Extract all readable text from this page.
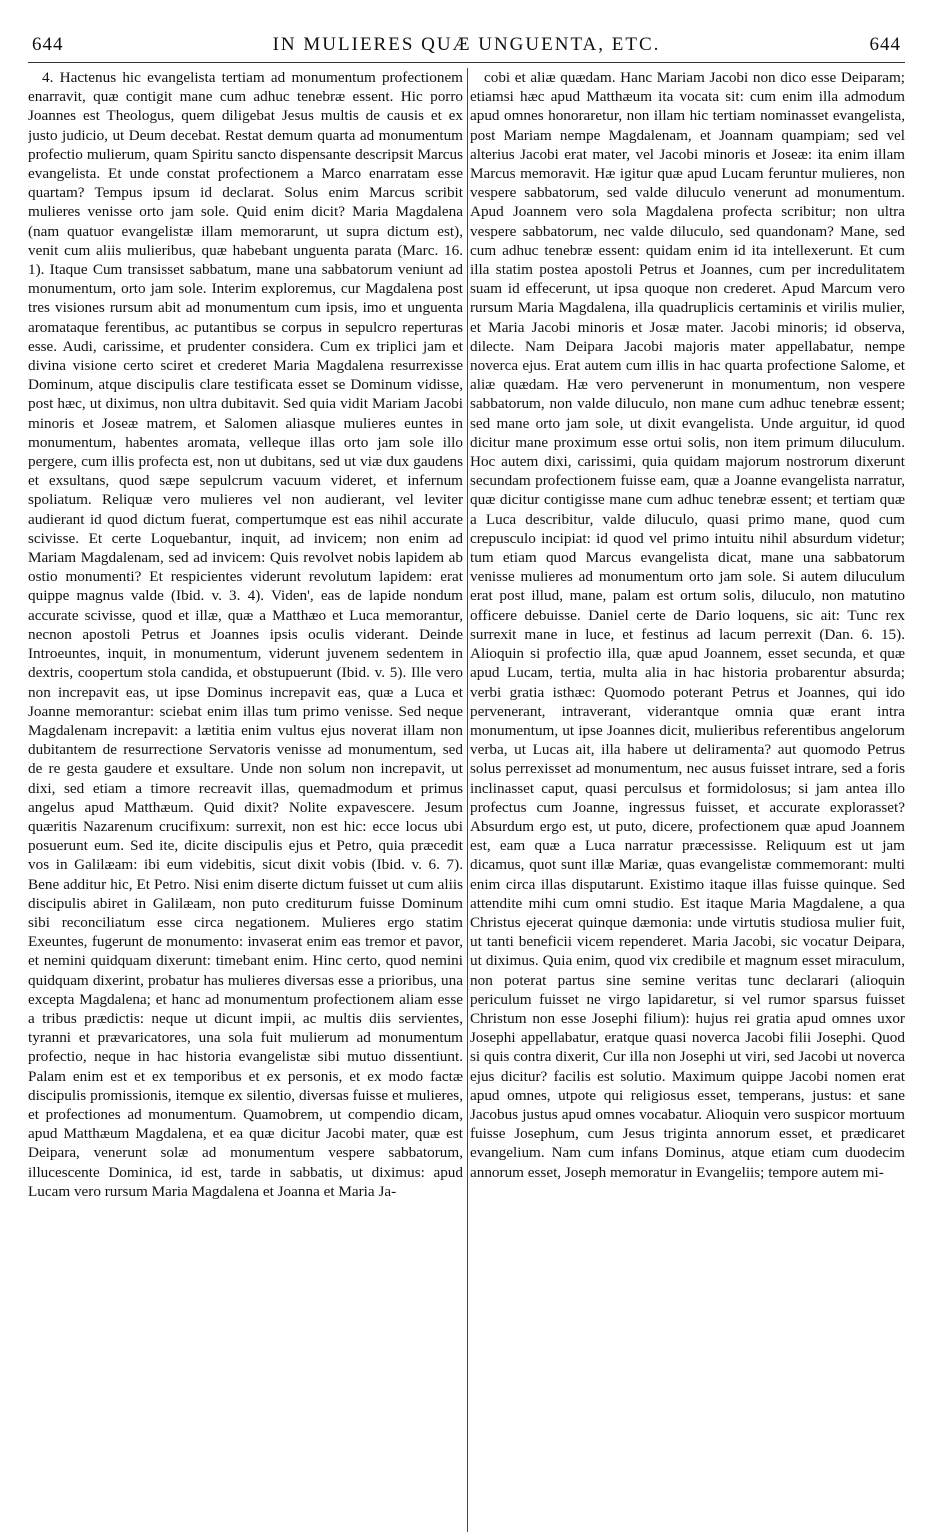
644	IN MULIERES QUÆ UNGUENTA, ETC.	644

4. Hactenus hic evangelista tertiam ad monumentum profectionem enarravit, quæ contigit mane cum adhuc tenebræ essent. Hic porro Joannes est Theologus, quem diligebat Jesus multis de causis et ex justo judicio, ut Deum decebat. Restat demum quarta ad monumentum profectio mulierum, quam Spiritu sancto dispensante descripsit Marcus evangelista. Et unde constat profectionem a Marco enarratam esse quartam? Tempus ipsum id declarat. Solus enim Marcus scribit mulieres venisse orto jam sole. Quid enim dicit? Maria Magdalena (nam quatuor evangelistæ illam memorarunt, ut supra dictum est), venit cum aliis mulieribus, quæ habebant unguenta parata (Marc. 16. 1). Itaque Cum transisset sabbatum, mane una sabbatorum veniunt ad monumentum, orto jam sole. Interim exploremus, cur Magdalena post tres visiones rursum abit ad monumentum cum ipsis, imo et unguenta aromataque ferentibus, ac putantibus se corpus in sepulcro reperturas esse. Audi, carissime, et prudenter considera. Cum ex triplici jam et divina visione certo sciret et crederet Maria Magdalena resurrexisse Dominum, atque discipulis clare testificata esset se Dominum vidisse, post hæc, ut diximus, non ultra dubitavit. Sed quia vidit Mariam Jacobi minoris et Joseæ matrem, et Salomen aliasque mulieres euntes in monumentum, habentes aromata, velleque illas orto jam sole illo pergere, cum illis profecta est, non ut dubitans, sed ut viæ dux gaudens et exsultans, quod sæpe sepulcrum vacuum videret, et infernum spoliatum. Reliquæ vero mulieres vel non audierant, vel leviter audierant id quod dictum fuerat, compertumque est eas nihil accurate scivisse. Et certe Loquebantur, inquit, ad invicem; non enim ad Mariam Magdalenam, sed ad invicem: Quis revolvet nobis lapidem ab ostio monumenti? Et respicientes viderunt revolutum lapidem: erat quippe magnus valde (Ibid. v. 3. 4). Viden', eas de lapide nondum accurate scivisse, quod et illæ, quæ a Matthæo et Luca memorantur, necnon apostoli Petrus et Joannes ipsis oculis viderant. Deinde Introeuntes, inquit, in monumentum, viderunt juvenem sedentem in dextris, coopertum stola candida, et obstupuerunt (Ibid. v. 5). Ille vero non increpavit eas, ut ipse Dominus increpavit eas, quæ a Luca et Joanne memorantur: sciebat enim illas tum primo venisse. Sed neque Magdalenam increpavit: a lætitia enim vultus ejus noverat illam non dubitantem de resurrectione Servatoris venisse ad monumentum, sed de re gesta gaudere et exsultare. Unde non solum non increpavit, ut dixi, sed etiam a timore recreavit illas, quemadmodum et primus angelus apud Matthæum. Quid dixit? Nolite expavescere. Jesum quæritis Nazarenum crucifixum: surrexit, non est hic: ecce locus ubi posuerunt eum. Sed ite, dicite discipulis ejus et Petro, quia præcedit vos in Galilæam: ibi eum videbitis, sicut dixit vobis (Ibid. v. 6. 7). Bene additur hic, Et Petro. Nisi enim diserte dictum fuisset ut cum aliis discipulis abiret in Galilæam, non puto crediturum fuisse Dominum sibi reconciliatum esse circa negationem. Mulieres ergo statim Exeuntes, fugerunt de monumento: invaserat enim eas tremor et pavor, et nemini quidquam dixerunt: timebant enim. Hinc certo, quod nemini quidquam dixerint, probatur has mulieres diversas esse a prioribus, una excepta Magdalena; et hanc ad monumentum profectionem aliam esse a tribus prædictis: neque ut dicunt impii, ac multis diis servientes, tyranni et prævaricatores, una sola fuit mulierum ad monumentum profectio, neque in hac historia evangelistæ sibi mutuo dissentiunt. Palam enim est et ex temporibus et ex personis, et ex modo factæ discipulis promissionis, itemque ex silentio, diversas fuisse et mulieres, et profectiones ad monumentum. Quamobrem, ut compendio dicam, apud Matthæum Magdalena, et ea quæ dicitur Jacobi mater, quæ est Deipara, venerunt solæ ad monumentum vespere sabbatorum, illucescente Dominica, id est, tarde in sabbatis, ut diximus: apud Lucam vero rursum Maria Magdalena et Joanna et Maria Ja-

cobi et aliæ quædam. Hanc Mariam Jacobi non dico esse Deiparam; etiamsi hæc apud Matthæum ita vocata sit: cum enim illa admodum apud omnes honoraretur, non illam hic tertiam nominasset evangelista, post Mariam nempe Magdalenam, et Joannam quampiam; sed vel alterius Jacobi erat mater, vel Jacobi minoris et Joseæ: ita enim illam Marcus memoravit. Hæ igitur quæ apud Lucam feruntur mulieres, non vespere sabbatorum, sed valde diluculo venerunt ad monumentum. Apud Joannem vero sola Magdalena profecta scribitur; non ultra vespere sabbatorum, nec valde diluculo, sed quandonam? Mane, sed cum adhuc tenebræ essent: quidam enim id ita intellexerunt. Et cum illa statim postea apostoli Petrus et Joannes, cum per incredulitatem suam id effecerunt, ut ipsa quoque non crederet. Apud Marcum vero rursum Maria Magdalena, illa quadruplicis certaminis et virilis mulier, et Maria Jacobi minoris et Josæ mater. Jacobi minoris; id observa, dilecte. Nam Deipara Jacobi majoris mater appellabatur, nempe noverca ejus. Erat autem cum illis in hac quarta profectione Salome, et aliæ quædam. Hæ vero pervenerunt in monumentum, non vespere sabbatorum, non valde diluculo, non mane cum adhuc tenebræ essent; sed mane orto jam sole, ut dixit evangelista. Unde arguitur, id quod dicitur mane proximum esse ortui solis, non item primum diluculum. Hoc autem dixi, carissimi, quia quidam majorum nostrorum dixerunt secundam profectionem fuisse eam, quæ a Joanne evangelista narratur, quæ dicitur contigisse mane cum adhuc tenebræ essent; et tertiam quæ a Luca describitur, valde diluculo, quasi primo mane, quod cum crepusculo incipiat: id quod vel primo intuitu nihil absurdum videtur; tum etiam quod Marcus evangelista dicat, mane una sabbatorum venisse mulieres ad monumentum orto jam sole. Si autem diluculum erat post illud, mane, palam est ortum solis, diluculo, non matutino officere debuisse. Daniel certe de Dario loquens, sic ait: Tunc rex surrexit mane in luce, et festinus ad lacum perrexit (Dan. 6. 15). Alioquin si profectio illa, quæ apud Joannem, esset secunda, et quæ apud Lucam, tertia, multa alia in hac historia probarentur absurda; verbi gratia isthæc: Quomodo poterant Petrus et Joannes, qui ido pervenerant, intraverant, viderantque omnia quæ erant intra monumentum, ut ipse Joannes dicit, mulieribus referentibus angelorum verba, ut Lucas ait, illa habere ut deliramenta? aut quomodo Petrus solus perrexisset ad monumentum, nec ausus fuisset intrare, sed a foris inclinasset caput, quasi perculsus et formidolosus; si jam antea illo profectus cum Joanne, ingressus fuisset, et accurate explorasset? Absurdum ergo est, ut puto, dicere, profectionem quæ apud Joannem est, eam quæ a Luca narratur præcessisse. Reliquum est ut jam dicamus, quot sunt illæ Mariæ, quas evangelistæ commemorant: multi enim circa illas disputarunt. Existimo itaque illas fuisse quinque. Sed attendite mihi cum omni studio. Est itaque Maria Magdalene, a qua Christus ejecerat quinque dæmonia: unde virtutis studiosa mulier fuit, ut tanti beneficii vicem rependeret. Maria Jacobi, sic vocatur Deipara, ut diximus. Quia enim, quod vix credibile et magnum esset miraculum, non poterat partus sine semine veritas tunc declarari (alioquin periculum fuisset ne virgo lapidaretur, si vel rumor sparsus fuisset Christum non esse Josephi filium): hujus rei gratia apud omnes uxor Josephi appellabatur, eratque quasi noverca Jacobi filii Josephi. Quod si quis contra dixerit, Cur illa non Josephi ut viri, sed Jacobi ut noverca ejus dicitur? facilis est solutio. Maximum quippe Jacobi nomen erat apud omnes, utpote qui religiosus esset, temperans, justus: et sane Jacobus justus apud omnes vocabatur. Alioquin vero suspicor mortuum fuisse Josephum, cum Jesus triginta annorum esset, et prædicaret evangelium. Nam cum infans Dominus, atque etiam cum duodecim annorum esset, Joseph memoratur in Evangeliis; tempore autem mi-
